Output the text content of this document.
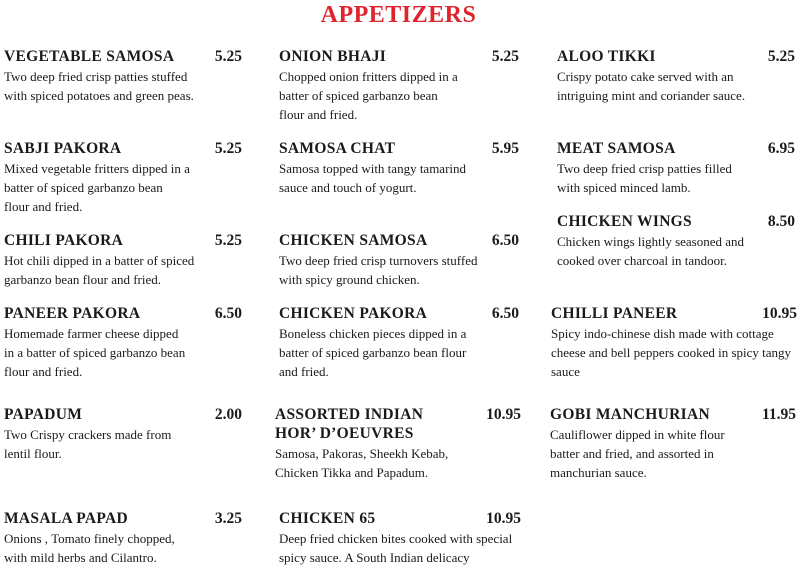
APPETIZERS
VEGETABLE SAMOSA	5.25
Two deep fried crisp patties stuffed
with spiced potatoes and green peas.
ONION BHAJI	5.25
Chopped onion fritters dipped in a
batter of spiced garbanzo bean
flour and fried.
ALOO TIKKI	5.25
Crispy potato cake served with an
intriguing mint and coriander sauce.
SABJI PAKORA	5.25
Mixed vegetable fritters dipped in a
batter of spiced garbanzo bean
flour and fried.
SAMOSA CHAT	5.95
Samosa topped with tangy tamarind
sauce and touch of yogurt.
MEAT SAMOSA	6.95
Two deep fried crisp patties filled
with spiced minced lamb.
CHICKEN WINGS	8.50
Chicken wings lightly seasoned and
cooked over charcoal in tandoor.
CHILI PAKORA	5.25
Hot chili dipped in a batter of spiced
garbanzo bean flour and fried.
CHICKEN SAMOSA	6.50
Two deep fried crisp turnovers stuffed
with spicy ground chicken.
PANEER PAKORA	6.50
Homemade farmer cheese dipped
in a batter of spiced garbanzo bean
flour and fried.
CHICKEN PAKORA	6.50
Boneless chicken pieces dipped in a
batter of spiced garbanzo bean flour
and fried.
CHILLI PANEER	10.95
Spicy indo-chinese dish made with cottage
cheese and bell peppers cooked in spicy tangy
sauce
PAPADUM	2.00
Two Crispy crackers made from
lentil flour.
ASSORTED INDIAN
HOR’ D’OEUVRES
10.95
Samosa, Pakoras, Sheekh Kebab,
Chicken Tikka and Papadum.
GOBI MANCHURIAN	11.95
Cauliflower dipped in white flour
batter and fried, and assorted in
manchurian sauce.
MASALA PAPAD	3.25
Onions , Tomato finely chopped,
with mild herbs and Cilantro.
CHICKEN 65	10.95
Deep fried chicken bites cooked with special
spicy sauce. A South Indian delicacy
